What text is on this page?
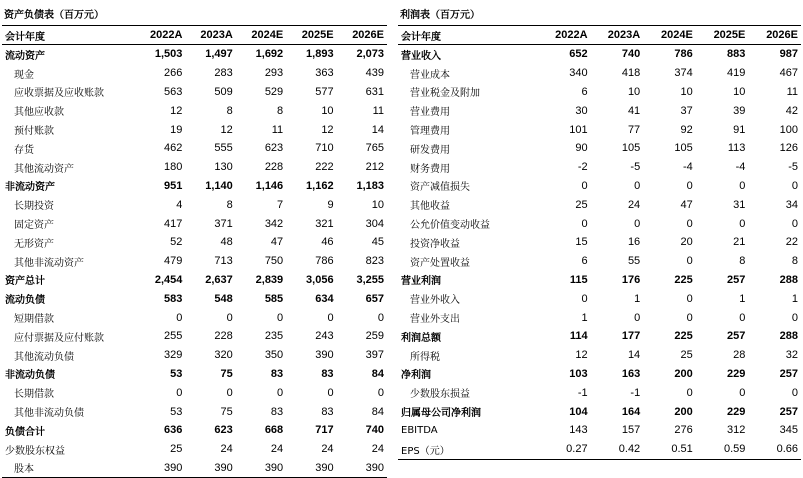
资产负债表（百万元）
会计年度	2022A	2023A	2024E	2025E	2026E
流动资产	1,503	1,497	1,692	1,893	2,073
现金	266	283	293	363	439
应收票据及应收账款	563	509	529	577	631
其他应收款	12	8	8	10	11
预付账款	19	12	11	12	14
存货	462	555	623	710	765
其他流动资产	180	130	228	222	212
非流动资产	951	1,140	1,146	1,162	1,183
长期投资	4	8	7	9	10
固定资产	417	371	342	321	304
无形资产	52	48	47	46	45
其他非流动资产	479	713	750	786	823
资产总计	2,454	2,637	2,839	3,056	3,255
流动负债	583	548	585	634	657
短期借款	0	0	0	0	0
应付票据及应付账款	255	228	235	243	259
其他流动负债	329	320	350	390	397
非流动负债	53	75	83	83	84
长期借款	0	0	0	0	0
其他非流动负债	53	75	83	83	84
负债合计	636	623	668	717	740
少数股东权益	25	24	24	24	24
股本	390	390	390	390	390
利润表（百万元）
会计年度	2022A	2023A	2024E	2025E	2026E
营业收入	652	740	786	883	987
营业成本	340	418	374	419	467
营业税金及附加	6	10	10	10	11
营业费用	30	41	37	39	42
管理费用	101	77	92	91	100
研发费用	90	105	105	113	126
财务费用	-2	-5	-4	-4	-5
资产减值损失	0	0	0	0	0
其他收益	25	24	47	31	34
公允价值变动收益	0	0	0	0	0
投资净收益	15	16	20	21	22
资产处置收益	6	55	0	8	8
营业利润	115	176	225	257	288
营业外收入	0	1	0	1	1
营业外支出	1	0	0	0	0
利润总额	114	177	225	257	288
所得税	12	14	25	28	32
净利润	103	163	200	229	257
少数股东损益	-1	-1	0	0	0
归属母公司净利润	104	164	200	229	257
EBITDA	143	157	276	312	345
EPS（元）	0.27	0.42	0.51	0.59	0.66
